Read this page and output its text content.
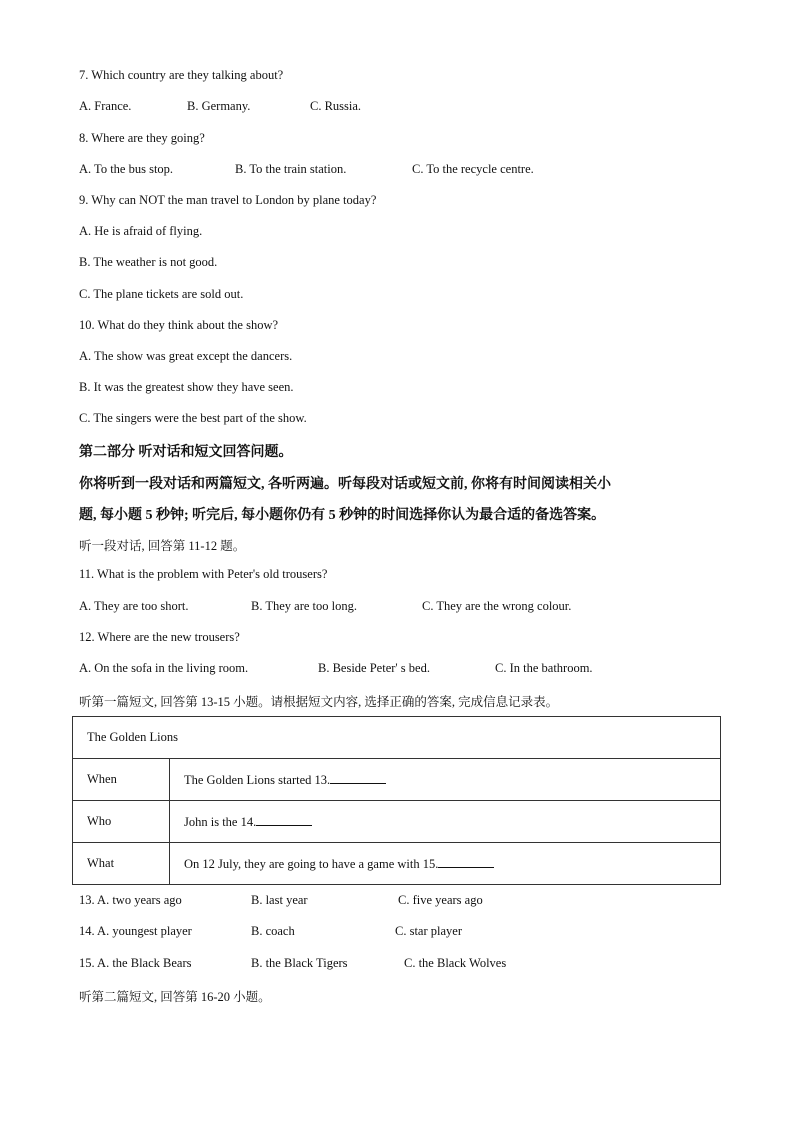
7. Which country are they talking about?
A. France.	B. Germany.	C. Russia.
8. Where are they going?
A. To the bus stop.	B. To the train station.	C. To the recycle centre.
9. Why can NOT the man travel to London by plane today?
A. He is afraid of flying.
B. The weather is not good.
C. The plane tickets are sold out.
10. What do they think about the show?
A. The show was great except the dancers.
B. It was the greatest show they have seen.
C. The singers were the best part of the show.
第二部分 听对话和短文回答问题。
你将听到一段对话和两篇短文, 各听两遍。听每段对话或短文前, 你将有时间阅读相关小
题, 每小题 5 秒钟; 听完后, 每小题你仍有 5 秒钟的时间选择你认为最合适的备选答案。
听一段对话, 回答第 11-12 题。
11. What is the problem with Peter's old trousers?
A. They are too short.	B. They are too long.	C. They are the wrong colour.
12. Where are the new trousers?
A. On the sofa in the living room.	B. Beside Peter' s bed.	C. In the bathroom.
听第一篇短文, 回答第 13-15 小题。请根据短文内容, 选择正确的答案, 完成信息记录表。
The Golden Lions	
When	The Golden Lions started 13.
Who	John is the 14.
What	On 12 July, they are going to have a game with 15.
13. A. two years ago	B. last year	C. five years ago
14. A. youngest player	B. coach	C. star player
15. A. the Black Bears	B. the Black Tigers	C. the Black Wolves
听第二篇短文, 回答第 16-20 小题。
